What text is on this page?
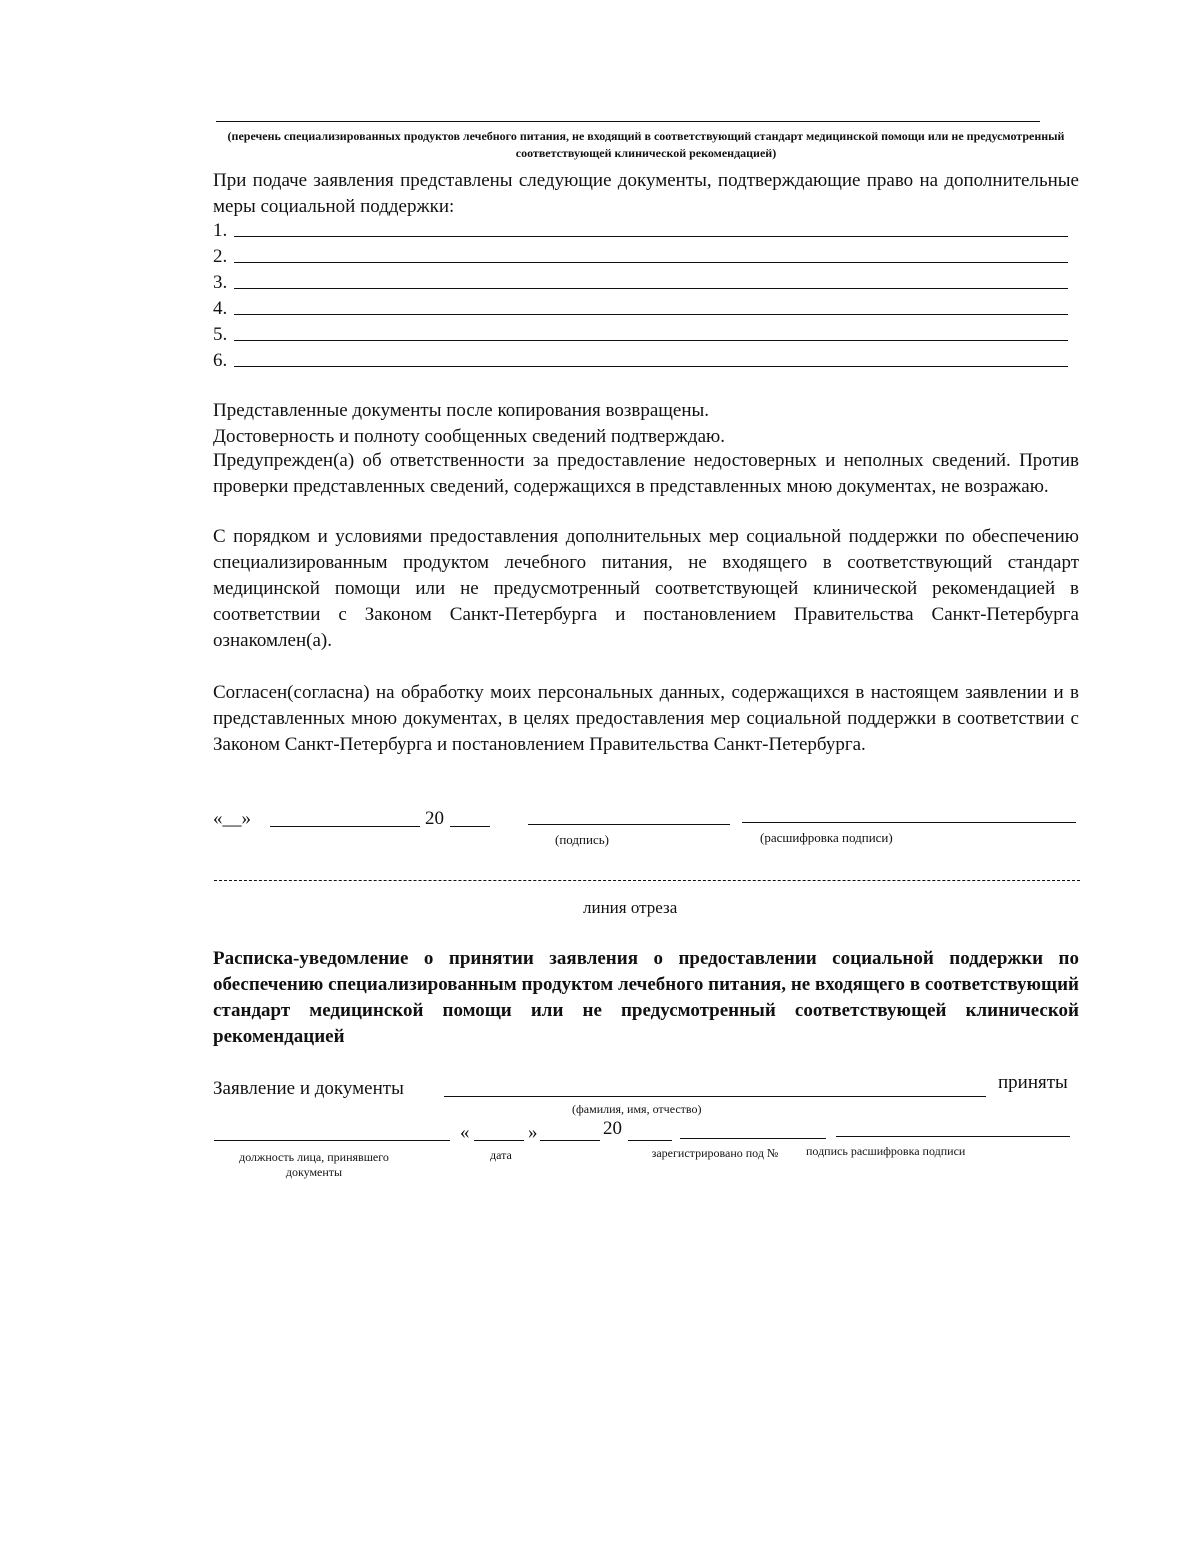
(перечень специализированных продуктов лечебного питания, не входящий в соответствующий стандарт медицинской помощи или не предусмотренный соответствующей клинической рекомендацией)
При подаче заявления представлены следующие документы, подтверждающие право на дополнительные меры социальной поддержки:
1.
2.
3.
4.
5.
6.
Представленные документы после копирования возвращены.
Достоверность и полноту сообщенных сведений подтверждаю.
Предупрежден(а) об ответственности за предоставление недостоверных и неполных сведений. Против проверки представленных сведений, содержащихся в представленных мною документах, не возражаю.
С порядком и условиями предоставления дополнительных мер социальной поддержки по обеспечению специализированным продуктом лечебного питания, не входящего в соответствующий стандарт медицинской помощи или не предусмотренный соответствующей клинической рекомендацией в соответствии с Законом Санкт-Петербурга и постановлением Правительства Санкт-Петербурга ознакомлен(а).
Согласен(согласна) на обработку моих персональных данных, содержащихся в настоящем заявлении и в представленных мною документах, в целях предоставления мер социальной поддержки в соответствии с Законом Санкт-Петербурга и постановлением Правительства Санкт-Петербурга.
«__»	20
(подпись)	(расшифровка подписи)
линия отреза
Расписка-уведомление о принятии заявления о предоставлении социальной поддержки по обеспечению специализированным продуктом лечебного питания, не входящего в соответствующий стандарт медицинской помощи или не предусмотренный соответствующей клинической рекомендацией
Заявление и документы	приняты
(фамилия, имя, отчество)
«	»	20
должность лица, принявшего документы
дата	зарегистрировано под №	подпись расшифровка подписи
